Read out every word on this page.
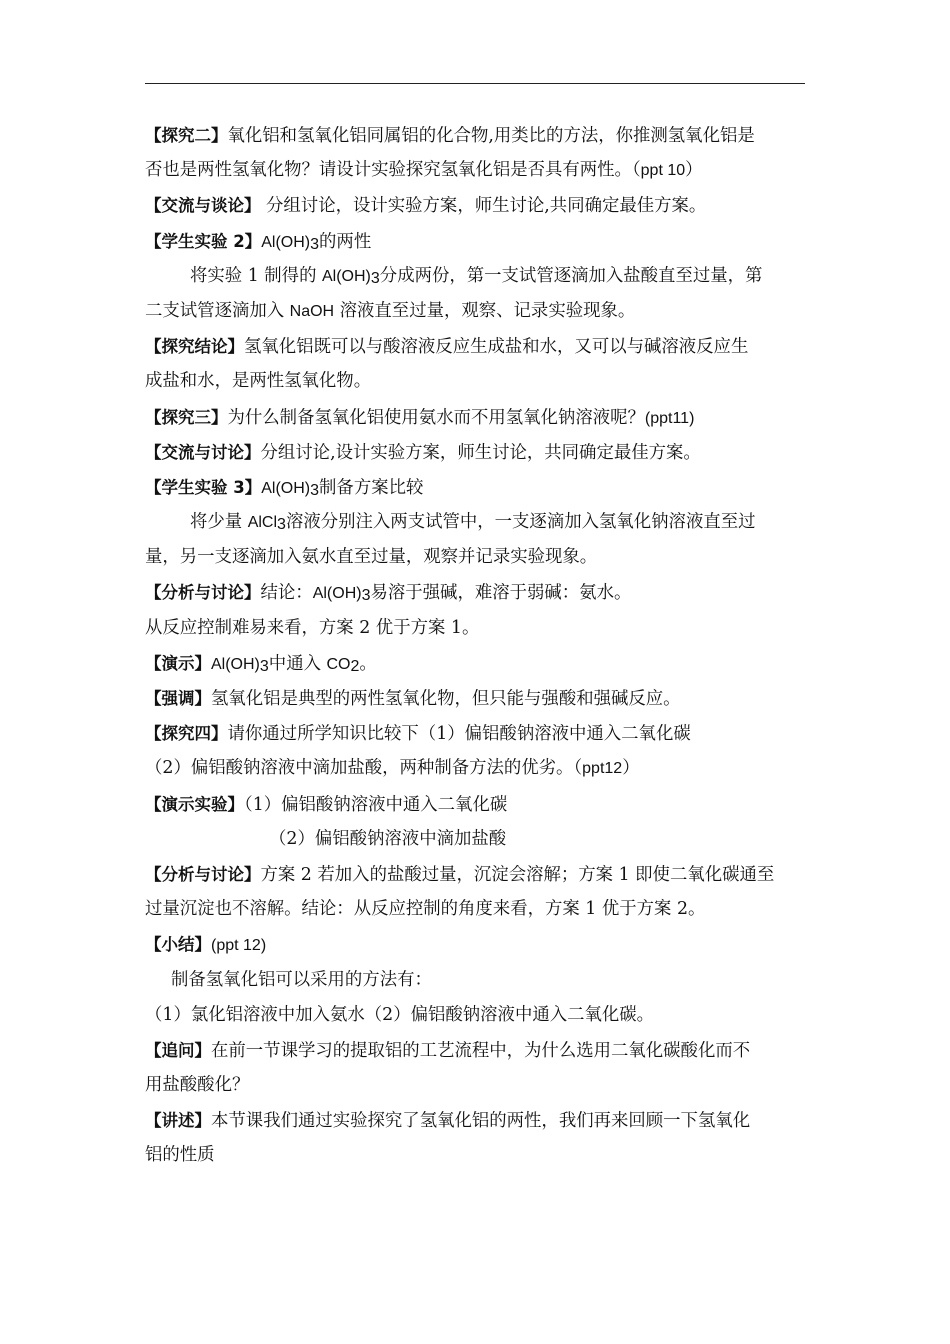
【探究二】氧化铝和氢氧化铝同属铝的化合物,用类比的方法，你推测氢氧化铝是
否也是两性氢氧化物？请设计实验探究氢氧化铝是否具有两性。（ppt 10）
【交流与谈论】 分组讨论，设计实验方案，师生讨论,共同确定最佳方案。
【学生实验 2】$Al(OH)_3$的两性
将实验 1 制得的 $Al(OH)_3$分成两份，第一支试管逐滴加入盐酸直至过量，第
二支试管逐滴加入 NaOH 溶液直至过量，观察、记录实验现象。
【探究结论】氢氧化铝既可以与酸溶液反应生成盐和水，又可以与碱溶液反应生
成盐和水，是两性氢氧化物。
【探究三】为什么制备氢氧化铝使用氨水而不用氢氧化钠溶液呢？(ppt11)
【交流与讨论】分组讨论,设计实验方案，师生讨论，共同确定最佳方案。
【学生实验 3】$Al(OH)_3$制备方案比较
将少量 AlCl$_3$溶液分别注入两支试管中，一支逐滴加入氢氧化钠溶液直至过
量，另一支逐滴加入氨水直至过量，观察并记录实验现象。
【分析与讨论】结论：$Al(OH)_3$易溶于强碱，难溶于弱碱：氨水。
从反应控制难易来看，方案 2 优于方案 1。
【演示】$Al(OH)_3$中通入 $CO_2$。
【强调】氢氧化铝是典型的两性氢氧化物，但只能与强酸和强碱反应。
【探究四】请你通过所学知识比较下（1）偏铝酸钠溶液中通入二氧化碳
（2）偏铝酸钠溶液中滴加盐酸，两种制备方法的优劣。（ppt12）
【演示实验】（1）偏铝酸钠溶液中通入二氧化碳
（2）偏铝酸钠溶液中滴加盐酸
【分析与讨论】方案 2 若加入的盐酸过量，沉淀会溶解；方案 1 即使二氧化碳通至
过量沉淀也不溶解。结论：从反应控制的角度来看，方案 1 优于方案 2。
【小结】(ppt 12)
制备氢氧化铝可以采用的方法有：
（1）氯化铝溶液中加入氨水（2）偏铝酸钠溶液中通入二氧化碳。
【追问】在前一节课学习的提取铝的工艺流程中，为什么选用二氧化碳酸化而不
用盐酸酸化？
【讲述】本节课我们通过实验探究了氢氧化铝的两性，我们再来回顾一下氢氧化
铝的性质
